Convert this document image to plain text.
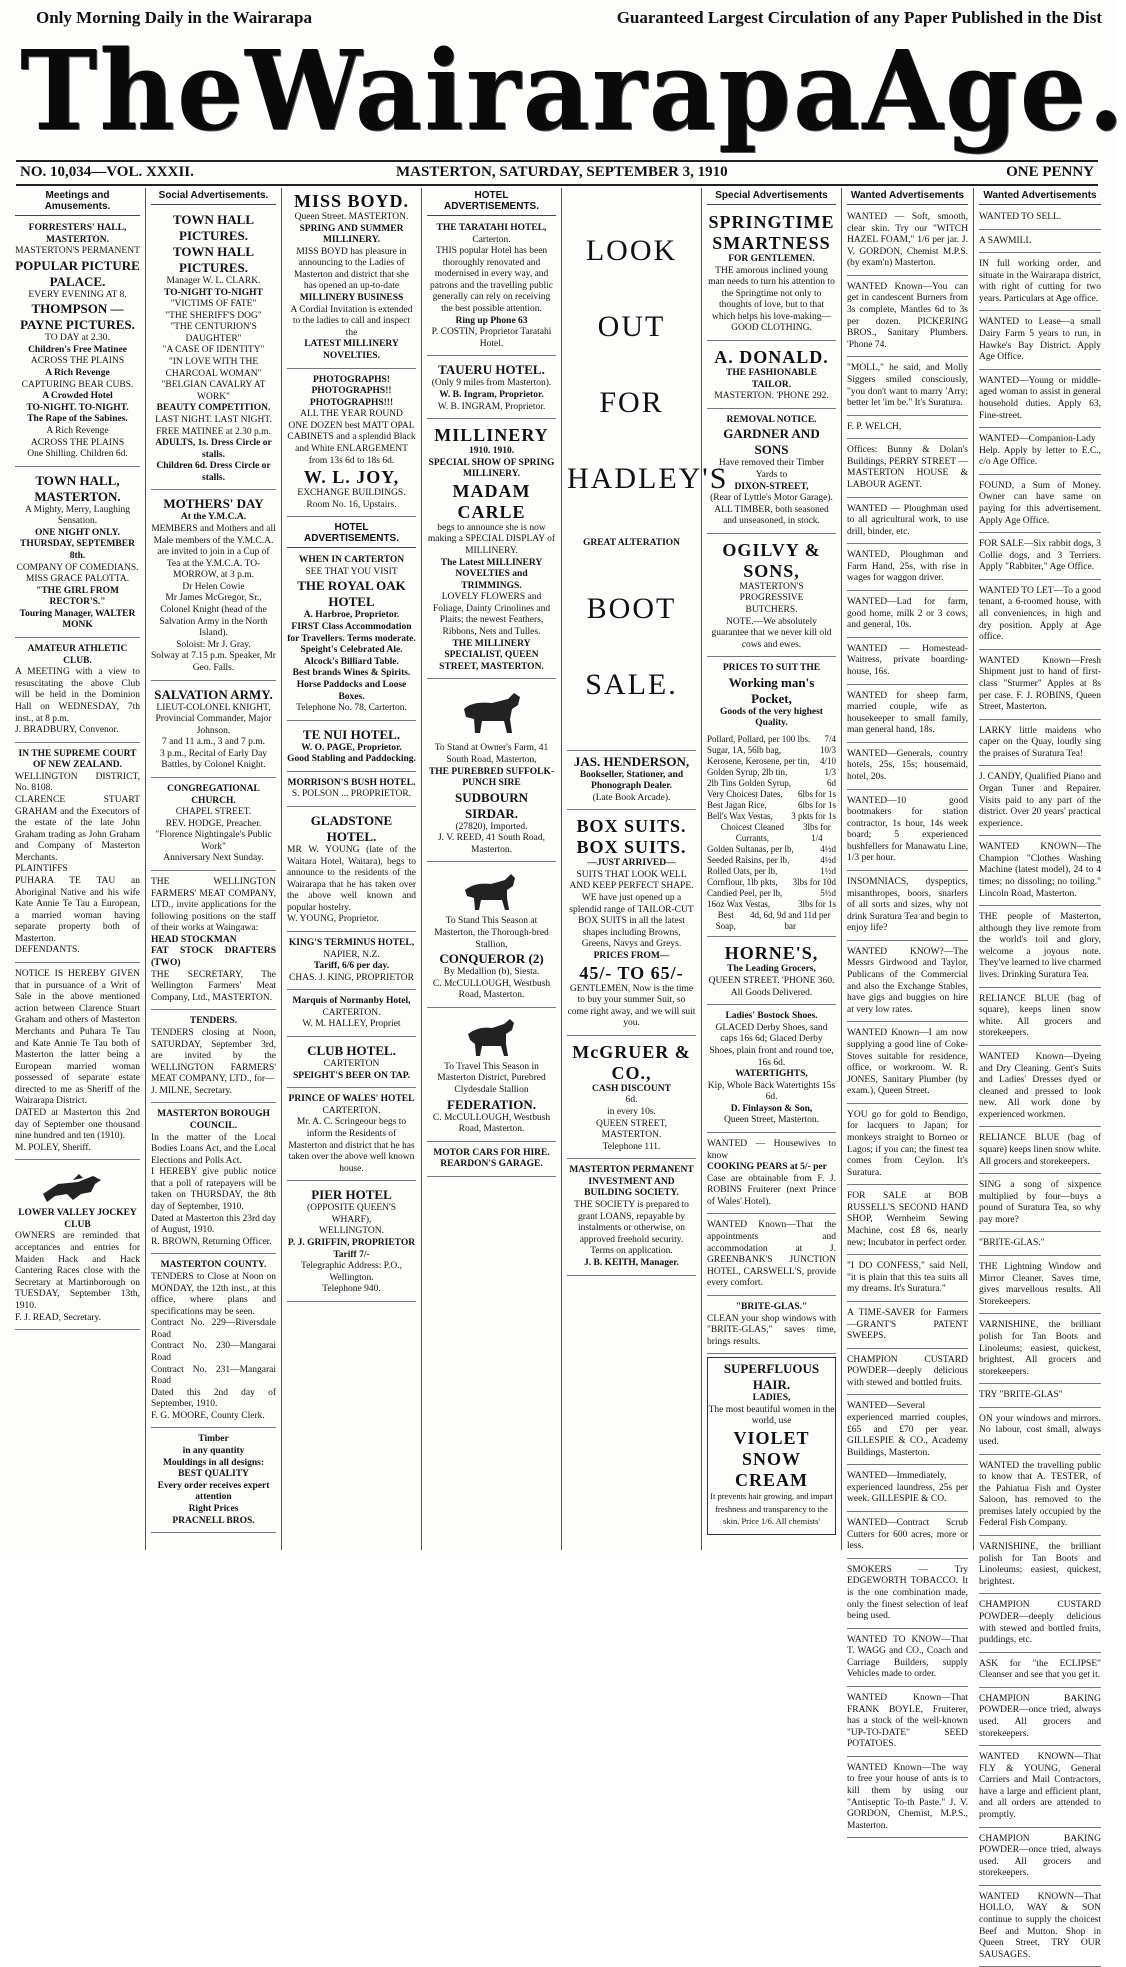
Only Morning Daily in the Wairarapa	Guaranteed Largest Circulation of any Paper Published in the Dist
The Wairarapa Age.
NO. 10,034—VOL. XXXII.	MASTERTON, SATURDAY, SEPTEMBER 3, 1910	ONE PENNY
Meetings and Amusements.
FORRESTERS' HALL, MASTERTON.
MASTERTON'S PERMANENT

POPULAR PICTURE PALACE.
EVERY EVENING AT 8.

THOMPSON — PAYNE PICTURES.
TO DAY at 2.30.
Children's Free Matinee
ACROSS THE PLAINS
A Rich Revenge
CAPTURING BEAR CUBS.
A Crowded Hotel
TO-NIGHT. TO-NIGHT.
The Rape of the Sabines.
A Rich Revenge
ACROSS THE PLAINS
One Shilling. Children 6d.
TOWN HALL, MASTERTON.
A Mighty, Merry, Laughing Sensation.
ONE NIGHT ONLY.
THURSDAY, SEPTEMBER 8th.
COMPANY OF COMEDIANS.
MISS GRACE PALOTTA.
"THE GIRL FROM RECTOR'S."
Touring Manager, WALTER MONK
AMATEUR ATHLETIC CLUB.
A MEETING with a view to resuscitating the above Club will be held in the Dominion Hall on WEDNESDAY, 7th inst., at 8 p.m.
J. BRADBURY, Convenor.
IN THE SUPREME COURT OF NEW ZEALAND.
WELLINGTON DISTRICT, No. 8108.
CLARENCE STUART GRAHAM and the Executors of the estate of the late John Graham trading as John Graham and Company of Masterton Merchants.
PLAINTIFFS
PUHARA TE TAU an Aboriginal Native and his wife Kate Annie Te Tau a European, a married woman having separate property both of Masterton.
DEFENDANTS.
NOTICE IS HEREBY GIVEN that in pursuance of a Writ of Sale in the above mentioned action between Clarence Stuart Graham and others of Masterton Merchants and Puhara Te Tau and Kate Annie Te Tau both of Masterton the latter being a European married woman possessed of separate estate directed to me as Sheriff of the Wairarapa District.
DATED at Masterton this 2nd day of September one thousand nine hundred and ten (1910).
M. POLEY, Sheriff.
LOWER VALLEY JOCKEY CLUB
OWNERS are reminded that acceptances and entries for Maiden Hack and Hack Cantering Races close with the Secretary at Martinborough on TUESDAY, September 13th, 1910.
F. J. READ, Secretary.
Social Advertisements.
TOWN HALL PICTURES.
TOWN HALL PICTURES.
Manager W. L. CLARK.
TO-NIGHT TO-NIGHT
"VICTIMS OF FATE"
"THE SHERIFF'S DOG"
"THE CENTURION'S DAUGHTER"
"A CASE OF IDENTITY"
"IN LOVE WITH THE CHARCOAL WOMAN"
"BELGIAN CAVALRY AT WORK"
BEAUTY COMPETITION.
LAST NIGHT. LAST NIGHT.
FREE MATINEE at 2.30 p.m.
ADULTS, 1s. Dress Circle or stalls.
Children 6d. Dress Circle or stalls.
MOTHERS' DAY
At the Y.M.C.A.
MEMBERS and Mothers and all Male members of the Y.M.C.A. are invited to join in a Cup of Tea at the Y.M.C.A. TO-MORROW, at 3 p.m.
Dr Helen Cowie
Mr James McGregor, Sr.,
Colonel Knight (head of the Salvation Army in the North Island).
Soloist: Mr J. Gray.
Solway at 7.15 p.m. Speaker, Mr Geo. Falls.
SALVATION ARMY.
LIEUT-COLONEL KNIGHT, Provincial Commander, Major Johnson.
7 and 11 a.m., 3 and 7 p.m.
3 p.m., Recital of Early Day Battles, by Colonel Knight.
CONGREGATIONAL CHURCH.
CHAPEL STREET.
REV. HODGE, Preacher.
"Florence Nightingale's Public Work"
Anniversary Next Sunday.
THE WELLINGTON FARMERS' MEAT COMPANY, LTD., invite applications for the following positions on the staff of their works at Waingawa:
HEAD STOCKMAN
FAT STOCK DRAFTERS (TWO)
THE SECRETARY, The Wellington Farmers' Meat Company, Ltd., MASTERTON.
TENDERS.
TENDERS closing at Noon, SATURDAY, September 3rd, are invited by the WELLINGTON FARMERS' MEAT COMPANY, LTD., for—
J. MILNE, Secretary.
MASTERTON BOROUGH COUNCIL.
In the matter of the Local Bodies Loans Act, and the Local Elections and Polls Act.
I HEREBY give public notice that a poll of ratepayers will be taken on THURSDAY, the 8th day of September, 1910.
Dated at Masterton this 23rd day of August, 1910.
R. BROWN, Returning Officer.
MASTERTON COUNTY.
TENDERS to Close at Noon on MONDAY, the 12th inst., at this office, where plans and specifications may be seen.
Contract No. 229—Riversdale Road
Contract No. 230—Mangarai Road
Contract No. 231—Mangarai Road
Dated this 2nd day of September, 1910.
F. G. MOORE, County Clerk.
Timber
in any quantity
Mouldings in all designs:
BEST QUALITY
Every order receives expert attention
Right Prices
PRACNELL BROS.
MISS BOYD.
Queen Street. MASTERTON.
SPRING AND SUMMER MILLINERY.
MISS BOYD has pleasure in announcing to the Ladies of Masterton and district that she has opened an up-to-date
MILLINERY BUSINESS
A Cordial Invitation is extended to the ladies to call and inspect the
LATEST MILLINERY NOVELTIES.
PHOTOGRAPHS! PHOTOGRAPHS!! PHOTOGRAPHS!!!
ALL THE YEAR ROUND
ONE DOZEN best MATT OPAL CABINETS and a splendid Black and White ENLARGEMENT from 13s 6d to 18s 6d.

W. L. JOY,
EXCHANGE BUILDINGS.
Room No. 16, Upstairs.
HOTEL ADVERTISEMENTS.
WHEN IN CARTERTON
SEE THAT YOU VISIT

THE ROYAL OAK HOTEL
A. Harbroe, Proprietor.
FIRST Class Accommodation for Travellers. Terms moderate.
Speight's Celebrated Ale.
Alcock's Billiard Table.
Best brands Wines & Spirits.
Horse Paddocks and Loose Boxes.
Telephone No. 78, Carterton.
TE NUI HOTEL.
W. O. PAGE, Proprietor.
Good Stabling and Paddocking.
MORRISON'S BUSH HOTEL.
S. POLSON ... PROPRIETOR.
GLADSTONE HOTEL.
MR W. YOUNG (late of the Waitara Hotel, Waitara), begs to announce to the residents of the Wairarapa that he has taken over the above well known and popular hostelry.
W. YOUNG, Proprietor.
KING'S TERMINUS HOTEL,
NAPIER, N.Z.
Tariff, 6/6 per day.
CHAS. J. KING, PROPRIETOR
Marquis of Normanby Hotel,
CARTERTON.
W. M. HALLEY, Propriet
CLUB HOTEL.
CARTERTON
SPEIGHT'S BEER ON TAP.
PRINCE OF WALES' HOTEL
CARTERTON.
Mr. A. C. Scringeour begs to inform the Residents of Masterton and district that he has taken over the above well known house.
PIER HOTEL
(OPPOSITE QUEEN'S WHARF),
WELLINGTON.
P. J. GRIFFIN, PROPRIETOR
Tariff 7/-
Telegraphic Address: P.O., Wellington.
Telephone 940.
HOTEL ADVERTISEMENTS.
THE TARATAHI HOTEL,
Carterton.
THIS popular Hotel has been thoroughly renovated and modernised in every way, and patrons and the travelling public generally can rely on receiving the best possible attention.
Ring up Phone 63
P. COSTIN, Proprietor Taratahi Hotel.
TAUERU HOTEL.
(Only 9 miles from Masterton).
W. B. Ingram, Proprietor.
W. B. INGRAM, Proprietor.
MILLINERY
1910. 1910.
SPECIAL SHOW OF SPRING MILLINERY.

MADAM CARLE
begs to announce she is now making a SPECIAL DISPLAY of MILLINERY.
The Latest MILLINERY NOVELTIES and TRIMMINGS.
LOVELY FLOWERS and Foliage, Dainty Crinolines and Plaits; the newest Feathers, Ribbons, Nets and Tulles.
THE MILLINERY SPECIALIST, QUEEN STREET, MASTERTON.
To Stand at Owner's Farm, 41 South Road, Masterton,
THE PUREBRED SUFFOLK-PUNCH SIRE

SUDBOURN SIRDAR.
(27820), Imported.
J. V. REED, 41 South Road, Masterton.
To Stand This Season at Masterton, the Thorough-bred Stallion,

CONQUEROR (2)
By Medallion (b), Siesta.
C. McCULLOUGH, Westbush Road, Masterton.
To Travel This Season in Masterton District, Purebred Clydesdale Stallion

FEDERATION.
C. McCULLOUGH, Westbush Road, Masterton.
MOTOR CARS FOR HIRE.
REARDON'S GARAGE.
LOOK
OUT
FOR
HADLEY'S
GREAT ALTERATION
BOOT
SALE.
JAS. HENDERSON,
Bookseller, Stationer, and Phonograph Dealer.
(Late Book Arcade).
BOX SUITS.
BOX SUITS.
—JUST ARRIVED—
SUITS THAT LOOK WELL AND KEEP PERFECT SHAPE.
WE have just opened up a splendid range of TAILOR-CUT BOX SUITS in all the latest shapes including Browns, Greens, Navys and Greys.
PRICES FROM—

45/- TO 65/-
GENTLEMEN, Now is the time to buy your summer Suit, so come right away, and we will suit you.
McGRUER & CO.,
CASH DISCOUNT
6d.
in every 10s.
QUEEN STREET, MASTERTON.
Telephone 111.
MASTERTON PERMANENT INVESTMENT AND BUILDING SOCIETY.
THE SOCIETY is prepared to grant LOANS, repayable by instalments or otherwise, on approved freehold security. Terms on application.
J. B. KEITH, Manager.
Special Advertisements
SPRINGTIME
SMARTNESS
FOR GENTLEMEN.
THE amorous inclined young man needs to turn his attention to the Springtime not only to thoughts of love, but to that which helps his love-making—GOOD CLOTHING.
A. DONALD.
THE FASHIONABLE TAILOR.
MASTERTON. 'PHONE 292.
REMOVAL NOTICE.

GARDNER AND SONS
Have removed their Timber Yards to
DIXON-STREET,
(Rear of Lyttle's Motor Garage).
ALL TIMBER, both seasoned and unseasoned, in stock.
OGILVY & SONS,
MASTERTON'S PROGRESSIVE
BUTCHERS.
NOTE.—We absolutely guarantee that we never kill old cows and ewes.
PRICES TO SUIT THE

Working man's Pocket,
Goods of the very highest Quality.
Pollard, Pollard, per 100 lbs. 7/4
Sugar, 1A, 56lb bag,	10/3
Kerosene, Kerosene, per tin, 4/10
Golden Syrup, 2lb tin,	1/3
2lb Tins Golden Syrup,	6d
Very Choicest Dates, 6lbs for 1s
Best Jagan Rice,	6lbs for 1s
Bell's Wax Vestas, 3 pkts for 1s
Choicest Cleaned Currants,
3lbs for 1/4
Golden Sultanas, per lb,	4½d
Seeded Raisins, per lb,	4½d
Rolled Oats, per lb,	1½d
Cornflour, 1lb pkts, 3lbs for 10d
Candied Peel, per lb,	5½d
16oz Wax Vestas,	3lbs for 1s
Best Soap,
4d, 6d, 9d and 11d per bar
HORNE'S,
The Leading Grocers,
QUEEN STREET. 'PHONE 360.
All Goods Delivered.
Ladies' Bostock Shoes.
GLACED Derby Shoes, sand caps 16s 6d; Glaced Derby Shoes, plain front and round toe, 16s 6d.
WATERTIGHTS,
Kip, Whole Back Watertights 15s 6d.
D. Finlayson & Son,
Queen Street, Masterton.
WANTED — Housewives to know
COOKING PEARS at 5/- per
Case are obtainable from F. J. ROBINS Fruiterer (next Prince of Wales' Hotel).
WANTED Known—That the appointments and accommodation at J. GREENBANK'S JUNCTION HOTEL, CARSWELL'S, provide every comfort.
"BRITE-GLAS."
CLEAN your shop windows with "BRITE-GLAS," saves time, brings results.
SUPERFLUOUS HAIR.
LADIES,
The most beautiful women in the world, use

VIOLET
SNOW
CREAM
It prevents hair growing, and impart freshness and transparency to the skin. Price 1/6. All chemists'
Wanted Advertisements
WANTED — Soft, smooth, clear skin. Try our "WITCH HAZEL FOAM," 1/6 per jar. J. V. GORDON, Chemist M.P.S. (by exam'n) Masterton.
WANTED Known—You can get in candescent Burners from 3s complete, Mantles 6d to 3s per dozen. PICKERING BROS., Sanitary Plumbers. 'Phone 74.
"MOLL," he said, and Molly Siggers smiled consciously, "you don't want to marry 'Arry; better let 'im be." It's Suratura.
F. P. WELCH,
Offices: Bunny & Dolan's Buildings, PERRY STREET — MASTERTON HOUSE & LABOUR AGENT.
WANTED — Ploughman used to all agricultural work, to use drill, binder, etc.
WANTED, Ploughman and Farm Hand, 25s, with rise in wages for waggon driver.
WANTED—Lad for farm, good home, milk 2 or 3 cows, and general, 10s.
WANTED — Homestead-Waitress, private boarding-house, 16s.
WANTED for sheep farm, married couple, wife as housekeeper to small family, man general hand, 18s.
WANTED—Generals, country hotels, 25s, 15s; housemaid, hotel, 20s.
WANTED—10 good bootmakers for station contractor, 1s hour, 14s week board; 5 experienced bushfellers for Manawatu Line, 1/3 per hour.
INSOMNIACS, dyspeptics, misanthropes, boors, snarlers of all sorts and sizes, why not drink Suratura Tea and begin to enjoy life?
WANTED KNOW?—The Messrs Girdwood and Taylor, Publicans of the Commercial and also the Exchange Stables, have gigs and buggies on hire at very low rates.
WANTED Known—I am now supplying a good line of Coke-Stoves suitable for residence, office, or workroom. W. R. JONES, Sanitary Plumber (by exam.), Queen Street.
YOU go for gold to Bendigo, for lacquers to Japan; for monkeys straight to Borneo or Lagos; if you can; the finest tea comes from Ceylon. It's Suratura.
FOR SALE at BOB RUSSELL'S SECOND HAND SHOP, Wernheim Sewing Machine, cost £8 6s, nearly new; Incubator in perfect order.
"I DO CONFESS," said Nell, "it is plain that this tea suits all my dreams. It's Suratura."
A TIME-SAVER for Farmers—GRANT'S PATENT SWEEPS.
CHAMPION CUSTARD POWDER—deeply delicious with stewed and bottled fruits.
WANTED—Several experienced married couples, £65 and £70 per year. GILLESPIE & CO., Academy Buildings, Masterton.
WANTED—Immediately, experienced laundress, 25s per week. GILLESPIE & CO.
WANTED—Contract Scrub Cutters for 600 acres, more or less.
SMOKERS — Try EDGEWORTH TOBACCO. It is the one combination made, only the finest selection of leaf being used.
WANTED TO KNOW—That T. WAGG and CO., Coach and Carriage Builders, supply Vehicles made to order.
WANTED Known—That FRANK BOYLE, Fruiterer, has a stock of the well-known "UP-TO-DATE" SEED POTATOES.
WANTED Known—The way to free your house of ants is to kill them by using our "Antiseptic To-th Paste." J. V. GORDON, Chemist, M.P.S., Masterton.
Wanted Advertisements
WANTED TO SELL.
A SAWMILL
IN full working order, and situate in the Wairarapa district, with right of cutting for two years. Particulars at Age office.
WANTED to Lease—a small Dairy Farm 5 years to run, in Hawke's Bay District. Apply Age Office.
WANTED—Young or middle-aged woman to assist in general household duties. Apply 63, Fine-street.
WANTED—Companion-Lady Help. Apply by letter to E.C., c/o Age Office.
FOUND, a Sum of Money. Owner can have same on paying for this advertisement. Apply Age Office.
FOR SALE—Six rabbit dogs, 3 Collie dogs, and 3 Terriers. Apply "Rabbiter," Age Office.
WANTED TO LET—To a good tenant, a 6-roomed house, with all conveniences, in high and dry position. Apply at Age office.
WANTED Known—Fresh Shipment just to hand of first-class "Sturmer" Apples at 8s per case. F. J. ROBINS, Queen Street, Masterton.
LARKY little maidens who caper on the Quay, loudly sing the praises of Suratura Tea!
J. CANDY, Qualified Piano and Organ Tuner and Repairer. Visits paid to any part of the district. Over 20 years' practical experience.
WANTED KNOWN—The Champion "Clothes Washing Machine (latest model), 24 to 4 times; no dissoling; no toiling." Lincoln Road, Masterton.
THE people of Masterton, although they live remote from the world's toil and glory, welcome a joyous note. They've learned to live charmed lives. Drinking Suratura Tea.
RELIANCE BLUE (bag of square), keeps linen snow white. All grocers and storekeepers.
WANTED Known—Dyeing and Dry Cleaning. Gent's Suits and Ladies' Dresses dyed or cleaned and pressed to look new. All work done by experienced workmen.
RELIANCE BLUE (bag of square) keeps linen snow white. All grocers and storekeepers.
SING a song of sixpence multiplied by four—buys a pound of Suratura Tea, so why pay more?
"BRITE-GLAS."
THE Lightning Window and Mirror Cleaner. Saves time, gives marvellous results. All Storekeepers.
VARNISHINE, the brilliant polish for Tan Boots and Linoleums; easiest, quickest, brightest. All grocers and storekeepers.
TRY "BRITE-GLAS"
ON your windows and mirrors. No labour, cost small, always used.
WANTED the travelling public to know that A. TESTER, of the Pahiatua Fish and Oyster Saloon, has removed to the premises lately occupied by the Federal Fish Company.
VARNISHINE, the brilliant polish for Tan Boots and Linoleums; easiest, quickest, brightest.
CHAMPION CUSTARD POWDER—deeply delicious with stewed and bottled fruits, puddings, etc.
ASK for "the ECLIPSE" Cleanser and see that you get it.
CHAMPION BAKING POWDER—once tried, always used. All grocers and storekeepers.
WANTED KNOWN—That FLY & YOUNG, General Carriers and Mail Contractors, have a large and efficient plant, and all orders are attended to promptly.
CHAMPION BAKING POWDER—once tried, always used. All grocers and storekeepers.
WANTED KNOWN—That HOLLO, WAY & SON continue to supply the choicest Beef and Mutton. Shop in Queen Street, TRY OUR SAUSAGES.
